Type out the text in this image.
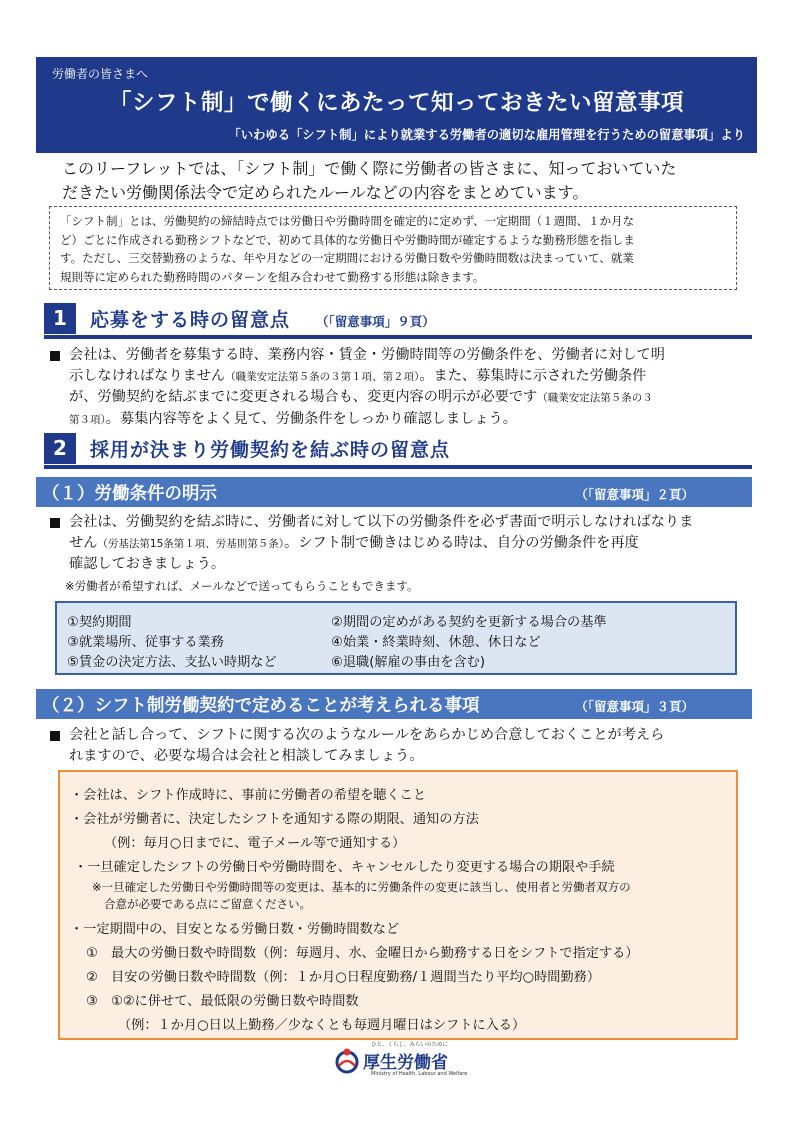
労働者の皆さまへ
「シフト制」で働くにあたって知っておきたい留意事項
「いわゆる「シフト制」により就業する労働者の適切な雇用管理を行うための留意事項」より
このリーフレットでは、「シフト制」で働く際に労働者の皆さまに、知っておいていた
だきたい労働関係法令で定められたルールなどの内容をまとめています。
「シフト制」とは、労働契約の締結時点では労働日や労働時間を確定的に定めず、一定期間（１週間、１か月な
ど）ごとに作成される勤務シフトなどで、初めて具体的な労働日や労働時間が確定するような勤務形態を指しま
す。ただし、三交替勤務のような、年や月などの一定期間における労働日数や労働時間数は決まっていて、就業
規則等に定められた勤務時間のパターンを組み合わせて勤務する形態は除きます。
1	応募をする時の留意点 （「留意事項」９頁）
会社は、労働者を募集する時、業務内容・賃金・労働時間等の労働条件を、労働者に対して明
示しなければなりません（職業安定法第５条の３第１項、第２項）。また、募集時に示された労働条件
が、労働契約を結ぶまでに変更される場合も、変更内容の明示が必要です（職業安定法第５条の３
第３項）。募集内容等をよく見て、労働条件をしっかり確認しましょう。
2	採用が決まり労働契約を結ぶ時の留意点
（１）労働条件の明示	（「留意事項」２頁）
会社は、労働契約を結ぶ時に、労働者に対して以下の労働条件を必ず書面で明示しなければなりま
せん（労基法第15条第１項、労基則第５条）。シフト制で働きはじめる時は、自分の労働条件を再度
確認しておきましょう。
※労働者が希望すれば、メールなどで送ってもらうこともできます。
①契約期間	②期間の定めがある契約を更新する場合の基準
③就業場所、従事する業務	④始業・終業時刻、休憩、休日など
⑤賃金の決定方法、支払い時期など	⑥退職(解雇の事由を含む)
（２）シフト制労働契約で定めることが考えられる事項	（「留意事項」３頁）
会社と話し合って、シフトに関する次のようなルールをあらかじめ合意しておくことが考えら
れますので、必要な場合は会社と相談してみましょう。
・会社は、シフト作成時に、事前に労働者の希望を聴くこと
・会社が労働者に、決定したシフトを通知する際の期限、通知の方法
（例：毎月○日までに、電子メール等で通知する）
・一旦確定したシフトの労働日や労働時間を、キャンセルしたり変更する場合の期限や手続
※一旦確定した労働日や労働時間等の変更は、基本的に労働条件の変更に該当し、使用者と労働者双方の
合意が必要である点にご留意ください。
・一定期間中の、目安となる労働日数・労働時間数など
①　最大の労働日数や時間数（例：毎週月、水、金曜日から勤務する日をシフトで指定する）
②　目安の労働日数や時間数（例：１か月○日程度勤務/１週間当たり平均○時間勤務）
③　①②に併せて、最低限の労働日数や時間数
（例：１か月○日以上勤務／少なくとも毎週月曜日はシフトに入る）
ひと、くらし、みらいのために
厚生労働省
Ministry of Health, Labour and Welfare
